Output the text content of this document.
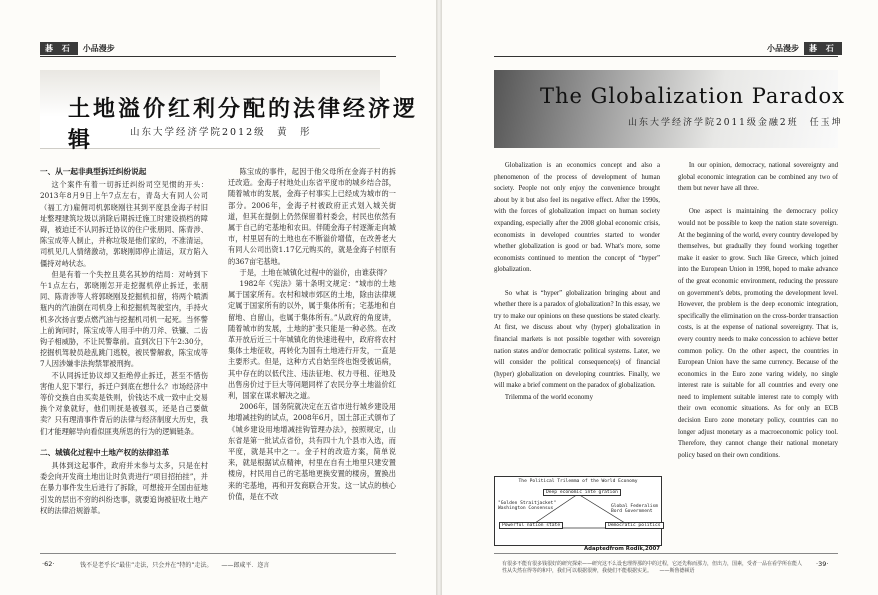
碁 石	小品漫步
土地溢价红利分配的法律经济逻辑	山东大学经济学院2012级　黄　彤
一、从一起非典型拆迁纠纷说起

这个案件有着一切拆迁纠纷司空见惯的开头：2013年8月9日上午7点左右，青岛大有同人公司（福工方)雇佣司机郭晓刚往其到平度县金海子村旧址整理建筑垃圾以消除后期拆迁施工时建设损档的障碍，被迫迁不认同拆迁协议的住户张朋同、陈青涉、陈宝成等人制止，并称垃圾是他们家的，不准清运，司机见几人情绪激动，郭晓刚即停止清运，双方陷入僵持对峙状态。

但是有着一个失控且莫名其妙的结局：对峙到下午1点左右，郭晓刚怎开走挖掘机停止拆迁，张朋同、陈青涉等人将郭晓刚及挖掘机扣留，将两个喷洒瓶内的汽油倒在司机身上和挖掘机驾驶室内，手持火机多次扬言要点燃汽油与挖掘机司机一起死。当怀警上前询问时，陈宝成等人用手中的刀斧、铁镰、二齿钩子相威胁，不让民警靠前。直到次日下午2:30分，挖掘机驾驶员趁乱跳门逃脱，被民警解救，陈宝成等7人因涉嫌非法拘禁罪被刑拘。

不认同拆迁协议却又拒绝停止拆迁，甚至不惜伤害他人犯下罪行，拆迁户到底在想什么？市场经济中等价交换自由买卖是铁则，价钱达不成一致中止交易换个对象就好，他们则抚是被强买，还是自己要做卖？只有理清事件背后的法律与经济制度大历史，我们才能理解导向看似匪夷所思的行为的逻辑链条。

二、城镇化过程中土地产权的法律沿革

具体到这起事件，政府并未参与太多，只是在村委会向开发商土地出让时负责进行“项目招拍挂”，并在暴力事件发生后进行了拆除，可想接开全国由征地引发的层出不穷的纠纷迭事，就要追询被征收土地产权的法律沿规游革。

陈宝成的事件，起因于他父母所在金海子村的拆迁改造。金海子村地处山东省平度市的城乡结合部，随着城市的发展，金海子村事实上已经成为城市的一部分。2006年，金海子村被政府正式划入城关街道，但其在提倒上仍然保留着村委会，村民也依然有属于自己的宅基地和农田。伴随金海子村逐渐走向城市，村里居有的土地也在不断溢价增值，在改善老大有同人公司出资1.17亿元购买的，就是金海子村原有的367亩宅基地。

于是，土地在城镇化过程中的溢价，由谁获得？

1982年《宪法》第十条明文规定：“城市的土地属于国家所有。农村和城市郊区的土地，除由法律规定属于国家所有的以外，属于集体所有；宅基地和自留地、自留山，也属于集体所有。”从政府的角度讲，随着城市的发展，土地的扩张只能是一种必然。在改革开放后近三十年城镇化的快速进程中，政府将农村集体土地征收，再转化为国有土地进行开发，一直是主要形式。但是，这种方式自始至终也饱受被诟病，其中存在的以低代注、违法征地、权力寻租、征地及出售房价过于巨大等问题同样了农民分享土地溢价红利，国家在谋求解决之道。

2006年，国务院就决定在五省市进行城乡建设用地增减挂钩的试点，2008年6月，国土部正式颁布了《城乡建设用地增减挂钩管理办法》，按照规定，山东省是第一批试点省份，共有四十九个县市入选，而平度，就是其中之一。金子村的改造方案，简单说来，就是根据试点精神，村里在自有土地里只建安置楼房，村民用自己的宅基地更换安置的楼房，置换出来的宅基地，再和开发商联合开发。这一试点的核心价值，是在不改

·62·	钱不是老乎长“最佳”走法，只会并在“特的”走法。　　——郎咸平．迩言
小品漫步	碁 石
The Globalization Paradox
山东大学经济学院2011级金融2班　任玉坤

Globalization is an economics concept and also a phenomenon of the process of development of human society. People not only enjoy the convenience brought about by it but also feel its negative effect. After the 1990s, with the forces of globalization impact on human society expanding, especially after the 2008 global economic crisis, economists in developed countries started to wonder whether globalization is good or bad. What's more, some economists continued to mention the concept of “hyper” globalization.

So what is “hyper” globalization bringing about and whether there is a paradox of globalization? In this essay, we try to make our opinions on these questions be stated clearly. At first, we discuss about why (hyper) globalization in financial markets is not possible together with sovereign nation states and/or democratic political systems. Later, we will consider the political consequence(s) of financial (hyper) globalization on developing countries. Finally, we will make a brief comment on the paradox of globalization.

Trilemma of the world economy

In our opinion, democracy, national sovereignty and global economic integration can be combined any two of them but never have all three.

One aspect is maintaining the democracy policy would not be possible to keep the nation state sovereign. At the beginning of the world, every country developed by themselves, but gradually they found working together make it easier to grow. Such like Greece, which joined into the European Union in 1998, hoped to make advance of the great economic environment, reducing the pressure on government's debts, promoting the development level. However, the problem is the deep economic integration, specifically the elimination on the cross-border transaction costs, is at the expense of national sovereignty. That is, every country needs to make concession to achieve better common policy. On the other aspect, the countries in European Union have the same currency. Because of the economics in the Euro zone varing widely, no single interest rate is suitable for all countries and every one need to implement suitable interest rate to comply with their own economic situations. As for only an ECB decision Euro zone monetary policy, countries can no longer adjust monetary as a macroeconomic policy tool. Therefore, they cannot change their national monetary policy based on their own conditions.

The Political Trilemma of the World Economy
Deep economic inte gration
"Golden Straitjacket"
Washington Consensus	Global Federalism
Bord Government
Powerful nation state	Democratic politics
Adaptedfrom Rodik,2007
有很多不能有很多钱很好的研究探索——研究这不么设也理得那的中的过程，它还先称而那力，但出力，国素，受者一品在看学所在能人性从失然在得等的和中，我们可以根据很辨，我使们不能根据实见。　　——斯鲁德顿语
·39·
